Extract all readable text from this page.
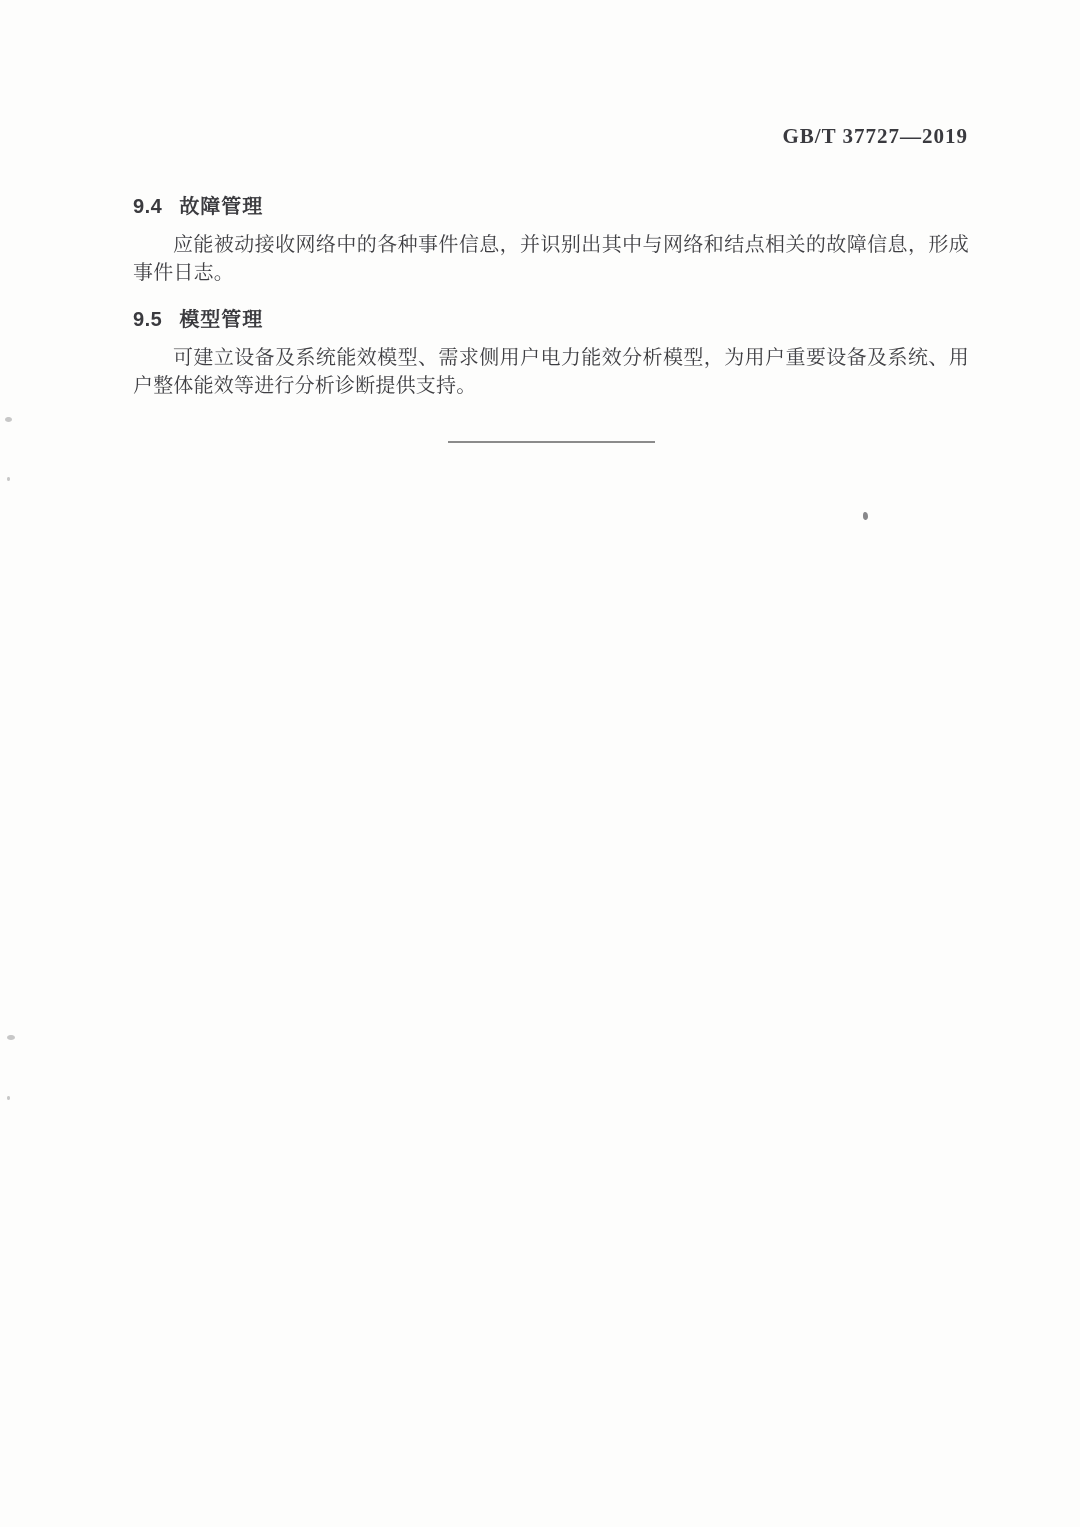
GB/T 37727—2019
9.4 故障管理

应能被动接收网络中的各种事件信息，并识别出其中与网络和结点相关的故障信息，形成事件日志。

9.5 模型管理

可建立设备及系统能效模型、需求侧用户电力能效分析模型，为用户重要设备及系统、用户整体能效等进行分析诊断提供支持。
